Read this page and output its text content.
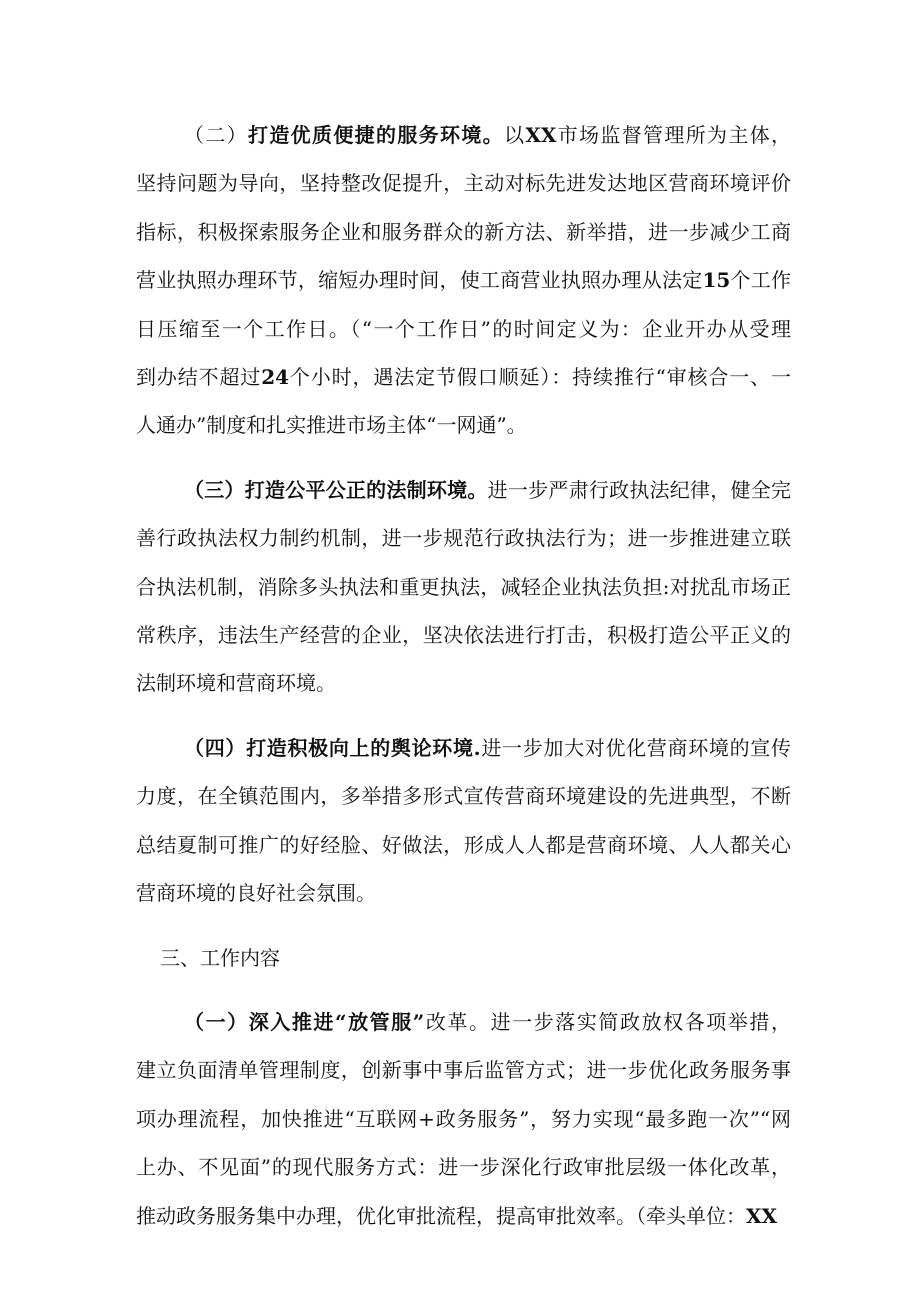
（二）打造优质便捷的服务环境。以XX市场监督管理所为主体，
坚持问题为导向，坚持整改促提升，主动对标先进发达地区营商环境评价
指标，积极探索服务企业和服务群众的新方法、新举措，进一步减少工商
营业执照办理环节，缩短办理时间，使工商营业执照办理从法定15个工作
日压缩至一个工作日。（“一个工作日”的时间定义为：企业开办从受理
到办结不超过24个小时，遇法定节假口顺延）：持续推行“审核合一、一
人通办”制度和扎实推进市场主体“一网通”。

（三）打造公平公正的法制环境。进一步严肃行政执法纪律，健全完
善行政执法权力制约机制，进一步规范行政执法行为；进一步推进建立联
合执法机制，消除多头执法和重更执法，减轻企业执法负担:对扰乱市场正
常秩序，违法生产经营的企业，坚决依法进行打击，积极打造公平正义的
法制环境和营商环境。

（四）打造积极向上的舆论环境.进一步加大对优化营商环境的宣传
力度，在全镇范围内，多举措多形式宣传营商环境建设的先进典型，不断
总结夏制可推广的好经脸、好做法，形成人人都是营商环境、人人都关心
营商环境的良好社会氛围。

三、工作内容

（一）深入推进“放管服”改革。进一步落实简政放权各项举措，
建立负面清单管理制度，创新事中事后监管方式；进一步优化政务服务事
项办理流程，加快推进“互联网+政务服务”，努力实现“最多跑一次”“网
上办、不见面”的现代服务方式：进一步深化行政审批层级一体化改革，
推动政务服务集中办理，优化审批流程，提高审批效率。（牵头单位：XX
